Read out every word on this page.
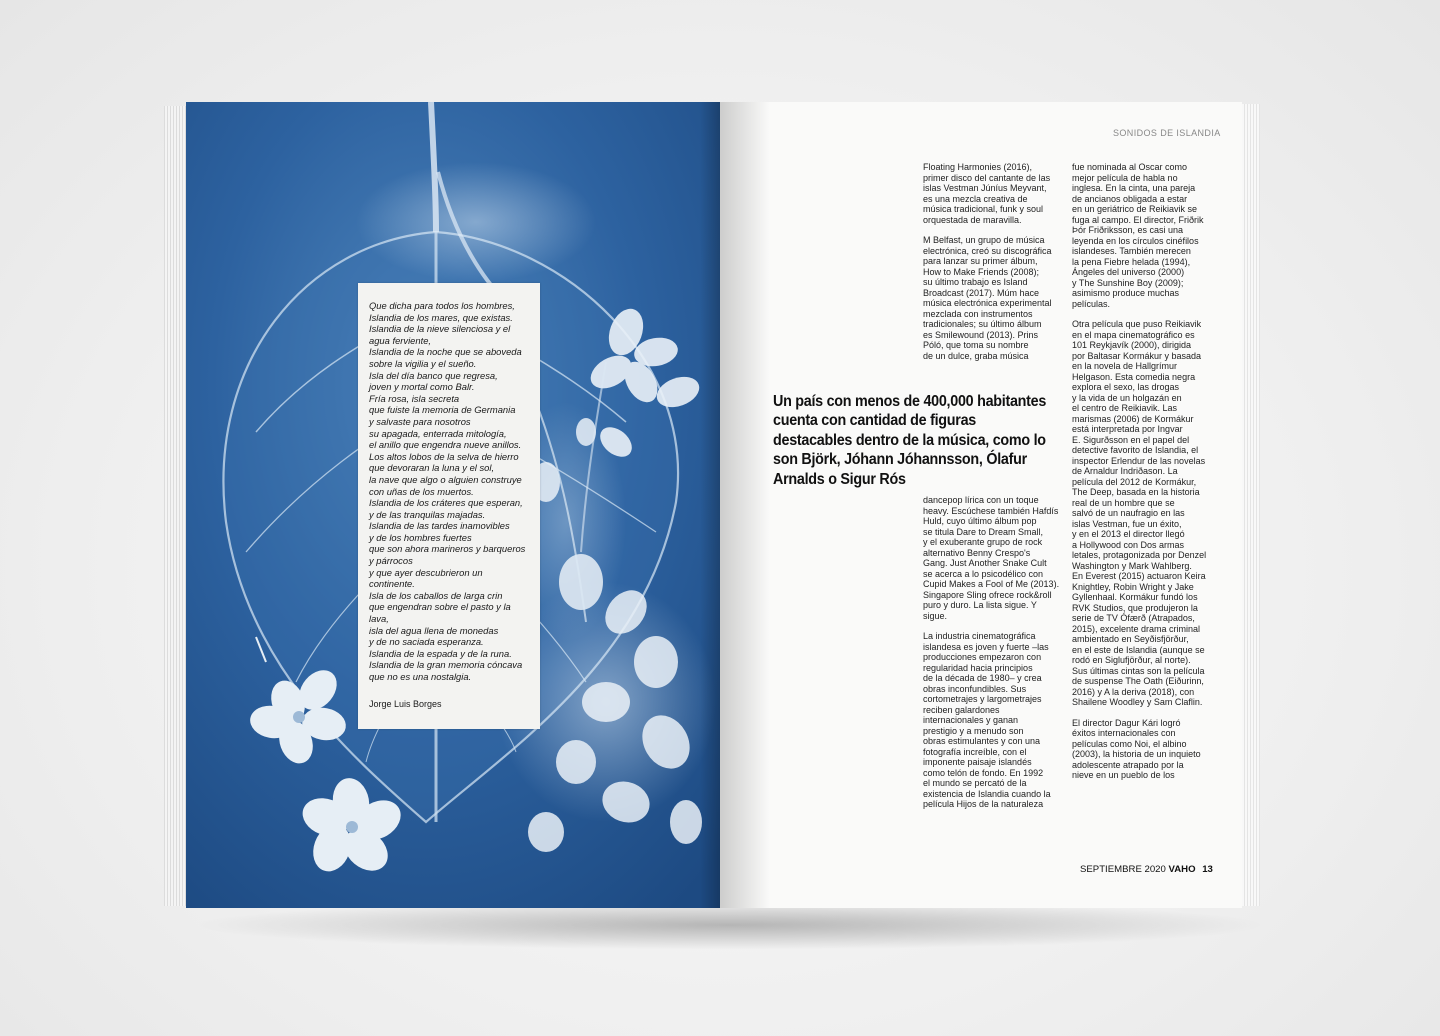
Que dicha para todos los hombres,
Islandia de los mares, que existas.
Islandia de la nieve silenciosa y el
agua ferviente,
Islandia de la noche que se aboveda
sobre la vigilia y el sueño.
Isla del día banco que regresa,
joven y mortal como Balr.
Fría rosa, isla secreta
que fuiste la memoria de Germania
y salvaste para nosotros
su apagada, enterrada mitología,
el anillo que engendra nueve anillos.
Los altos lobos de la selva de hierro
que devoraran la luna y el sol,
la nave que algo o alguien construye
con uñas de los muertos.
Islandia de los cráteres que esperan,
y de las tranquilas majadas.
Islandia de las tardes inamovibles
y de los hombres fuertes
que son ahora marineros y barqueros
y párrocos
y que ayer descubrieron un
continente.
Isla de los caballos de larga crin
que engendran sobre el pasto y la
lava,
isla del agua llena de monedas
y de no saciada esperanza.
Islandia de la espada y de la runa.
Islandia de la gran memoria cóncava
que no es una nostalgia.
Jorge Luis Borges
SONIDOS DE ISLANDIA
Floating Harmonies (2016),
primer disco del cantante de las
islas Vestman Júníus Meyvant,
es una mezcla creativa de
música tradicional, funk y soul
orquestada de maravilla.
M Belfast, un grupo de música
electrónica, creó su discográfica
para lanzar su primer álbum,
How to Make Friends (2008);
su último trabajo es Island
Broadcast (2017). Múm hace
música electrónica experimental
mezclada con instrumentos
tradicionales; su último álbum
es Smilewound (2013). Prins
Póló, que toma su nombre
de un dulce, graba música
Un país con menos de 400,000 habitantes cuenta con cantidad de figuras destacables dentro de la música, como lo son Björk, Jóhann Jóhannsson, Ólafur Arnalds o Sigur Rós
dancepop lírica con un toque
heavy. Escúchese también Hafdís
Huld, cuyo último álbum pop
se titula Dare to Dream Small,
y el exuberante grupo de rock
alternativo Benny Crespo's
Gang. Just Another Snake Cult
se acerca a lo psicodélico con
Cupid Makes a Fool of Me (2013).
Singapore Sling ofrece rock&roll
puro y duro. La lista sigue. Y
sigue.
La industria cinematográfica
islandesa es joven y fuerte –las
producciones empezaron con
regularidad hacia principios
de la década de 1980– y crea
obras inconfundibles. Sus
cortometrajes y largometrajes
reciben galardones
internacionales y ganan
prestigio y a menudo son
obras estimulantes y con una
fotografía increíble, con el
imponente paisaje islandés
como telón de fondo. En 1992
el mundo se percató de la
existencia de Islandia cuando la
película Hijos de la naturaleza
fue nominada al Oscar como
mejor película de habla no
inglesa. En la cinta, una pareja
de ancianos obligada a estar
en un geriátrico de Reikiavik se
fuga al campo. El director, Friðrik
Þór Friðriksson, es casi una
leyenda en los círculos cinéfilos
islandeses. También merecen
la pena Fiebre helada (1994),
Ángeles del universo (2000)
y The Sunshine Boy (2009);
asimismo produce muchas
películas.
Otra película que puso Reikiavik
en el mapa cinematográfico es
101 Reykjavík (2000), dirigida
por Baltasar Kormákur y basada
en la novela de Hallgrímur
Helgason. Esta comedia negra
explora el sexo, las drogas
y la vida de un holgazán en
el centro de Reikiavik. Las
marismas (2006) de Kormákur
está interpretada por Ingvar
E. Sigurðsson en el papel del
detective favorito de Islandia, el
inspector Erlendur de las novelas
de Arnaldur Indriðason. La
película del 2012 de Kormákur,
The Deep, basada en la historia
real de un hombre que se
salvó de un naufragio en las
islas Vestman, fue un éxito,
y en el 2013 el director llegó
a Hollywood con Dos armas
letales, protagonizada por Denzel
Washington y Mark Wahlberg.
En Everest (2015) actuaron Keira
Knightley, Robin Wright y Jake
Gyllenhaal. Kormákur fundó los
RVK Studios, que produjeron la
serie de TV Ófærð (Atrapados,
2015), excelente drama criminal
ambientado en Seyðisfjörður,
en el este de Islandia (aunque se
rodó en Siglufjörður, al norte).
Sus últimas cintas son la película
de suspense The Oath (Eiðurinn,
2016) y A la deriva (2018), con
Shailene Woodley y Sam Claflin.
El director Dagur Kári logró
éxitos internacionales con
películas como Noi, el albino
(2003), la historia de un inquieto
adolescente atrapado por la
nieve en un pueblo de los
SEPTIEMBRE 2020 VAHO 13
